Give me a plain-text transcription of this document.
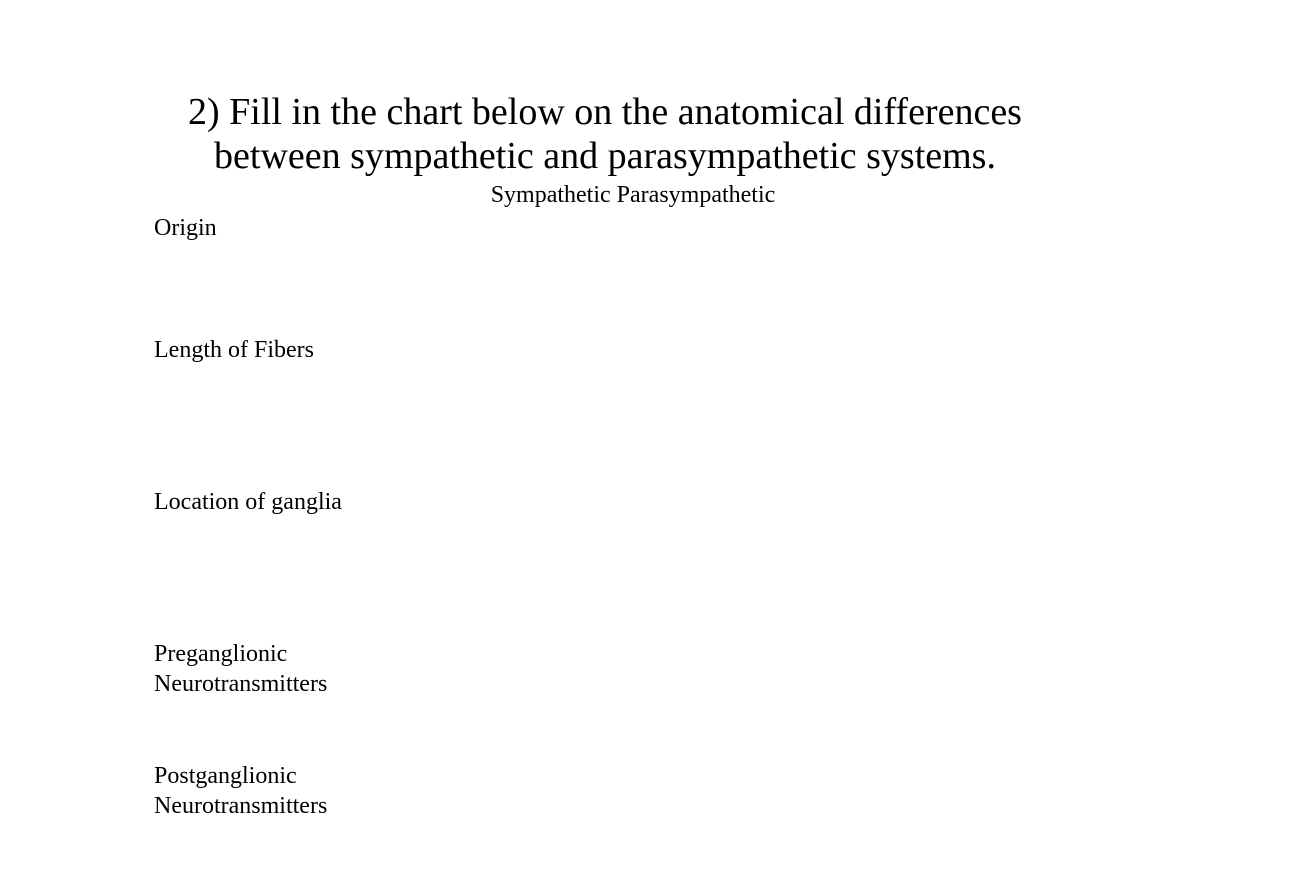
2) Fill in the chart below on the anatomical differences
between sympathetic and parasympathetic systems.
Sympathetic Parasympathetic
Origin
Length of Fibers
Location of ganglia
Preganglionic
Neurotransmitters
Postganglionic
Neurotransmitters
